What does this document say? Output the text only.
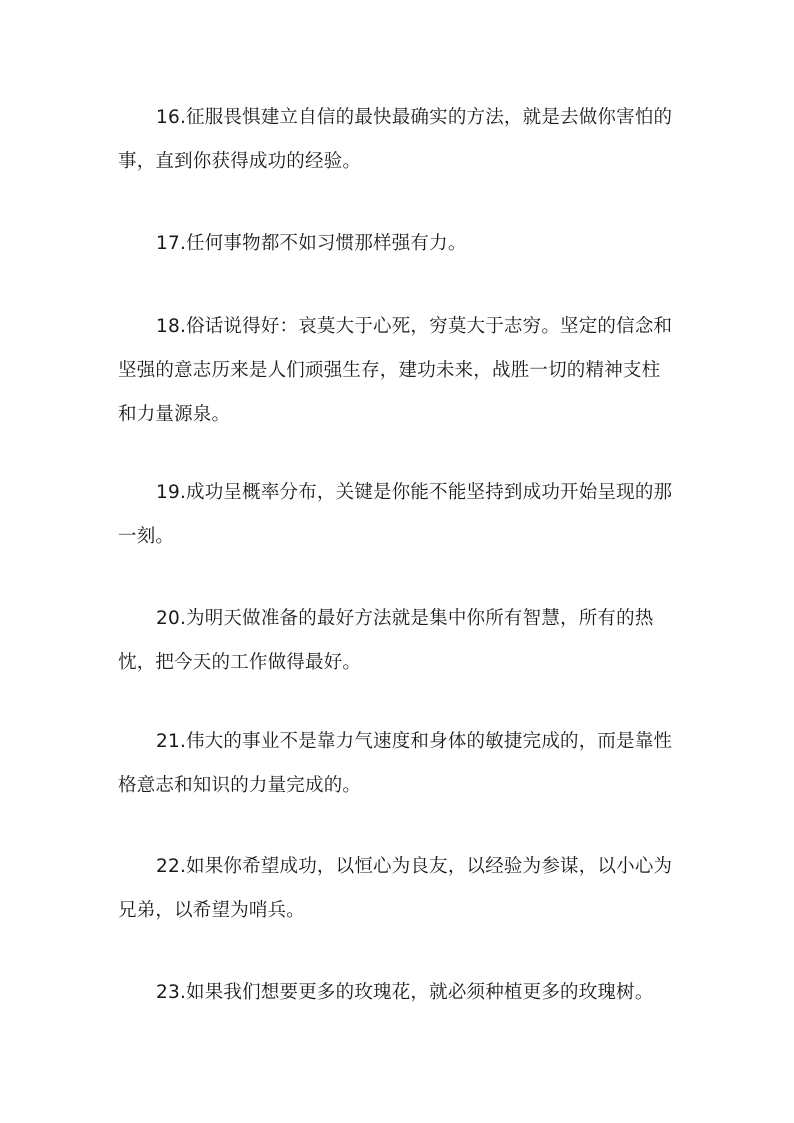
16.征服畏惧建立自信的最快最确实的方法，就是去做你害怕的事，直到你获得成功的经验。

17.任何事物都不如习惯那样强有力。

18.俗话说得好：哀莫大于心死，穷莫大于志穷。坚定的信念和坚强的意志历来是人们顽强生存，建功未来，战胜一切的精神支柱和力量源泉。

19.成功呈概率分布，关键是你能不能坚持到成功开始呈现的那一刻。

20.为明天做准备的最好方法就是集中你所有智慧，所有的热忱，把今天的工作做得最好。

21.伟大的事业不是靠力气速度和身体的敏捷完成的，而是靠性格意志和知识的力量完成的。

22.如果你希望成功，以恒心为良友，以经验为参谋，以小心为兄弟，以希望为哨兵。

23.如果我们想要更多的玫瑰花，就必须种植更多的玫瑰树。
